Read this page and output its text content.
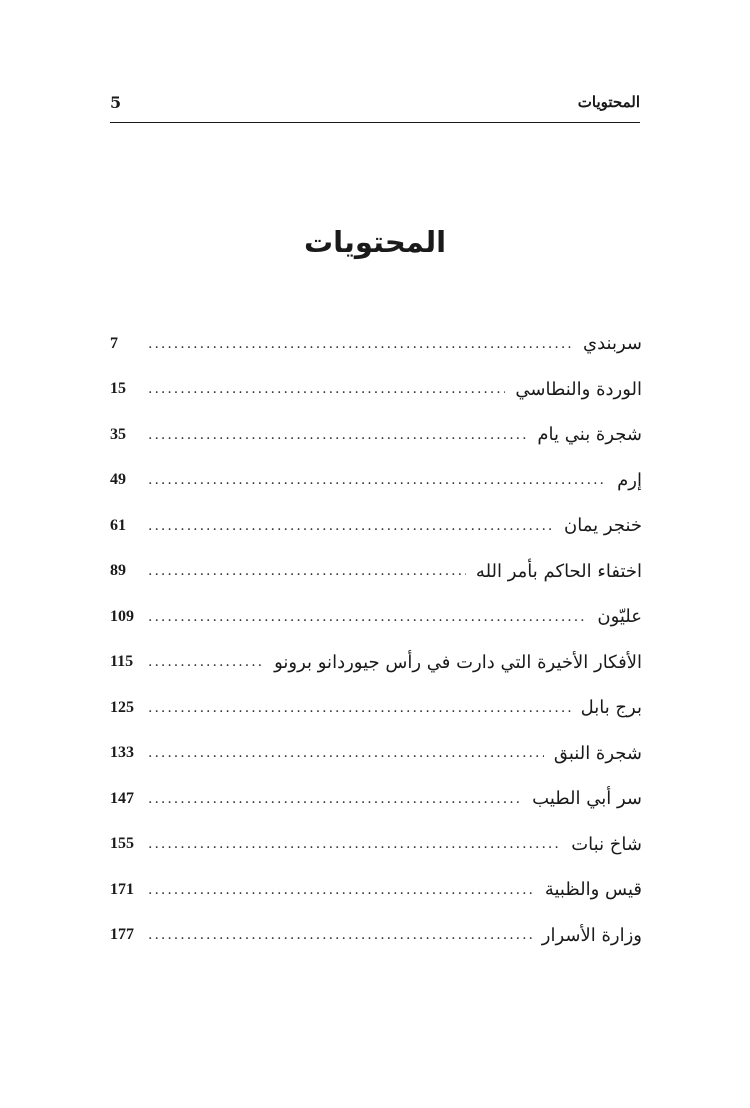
المحتويات
5
المحتويات
7 .....	سربندي
15 .....	الوردة والنطاسي
35 .....	شجرة بني يام
49 .....	إرم
61 .....	خنجر يمان
89 .....	اختفاء الحاكم بأمر الله
109 .....	عليّون
115 .....	الأفكار الأخيرة التي دارت في رأس جيوردانو برونو
125 .....	برج بابل
133 .....	شجرة النبق
147 .....	سر أبي الطيب
155 .....	شاخ نبات
171 .....	قيس والظبية
177 .....	وزارة الأسرار
